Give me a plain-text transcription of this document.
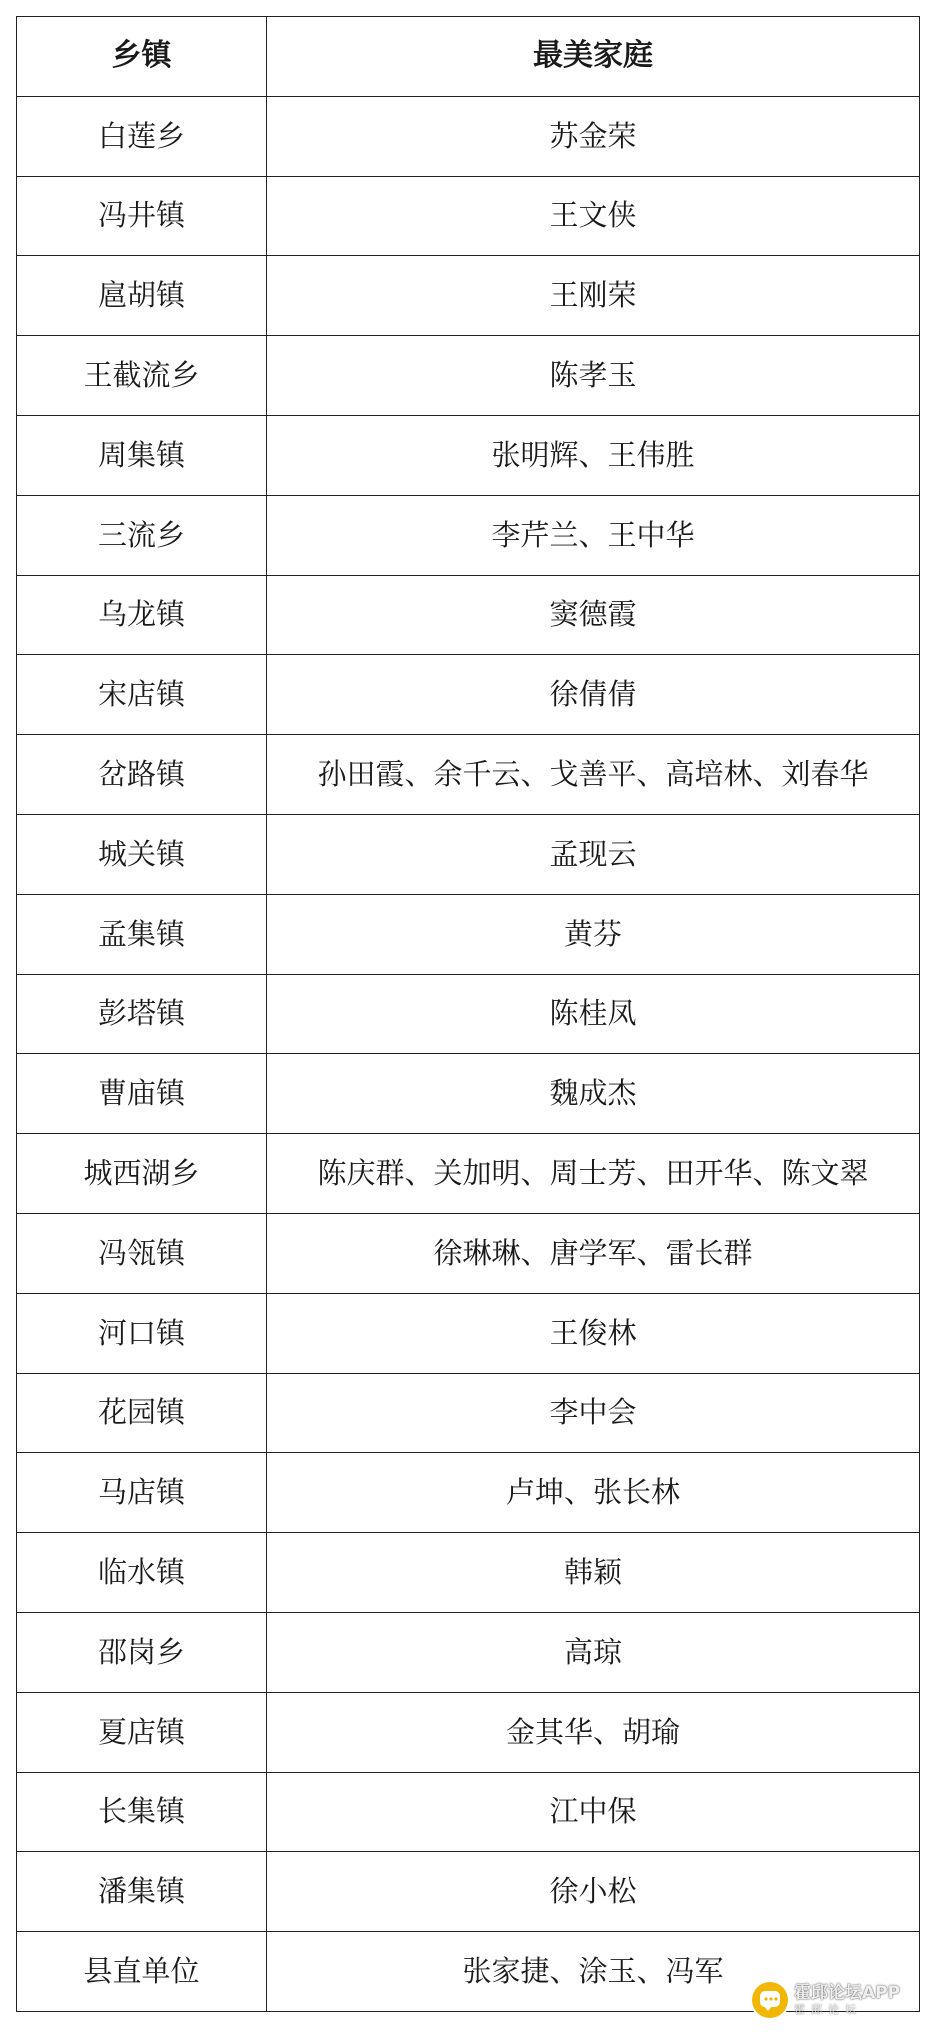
乡镇	最美家庭
白莲乡	苏金荣
冯井镇	王文侠
扈胡镇	王刚荣
王截流乡	陈孝玉
周集镇	张明辉、王伟胜
三流乡	李芹兰、王中华
乌龙镇	窦德霞
宋店镇	徐倩倩
岔路镇	孙田霞、余千云、戈善平、高培林、刘春华
城关镇	孟现云
孟集镇	黄芬
彭塔镇	陈桂凤
曹庙镇	魏成杰
城西湖乡	陈庆群、关加明、周士芳、田开华、陈文翠
冯瓴镇	徐琳琳、唐学军、雷长群
河口镇	王俊林
花园镇	李中会
马店镇	卢坤、张长林
临水镇	韩颖
邵岗乡	高琼
夏店镇	金其华、胡瑜
长集镇	江中保
潘集镇	徐小松
县直单位	张家捷、涂玉、冯军
霍邱论坛APP
霍邱论坛
